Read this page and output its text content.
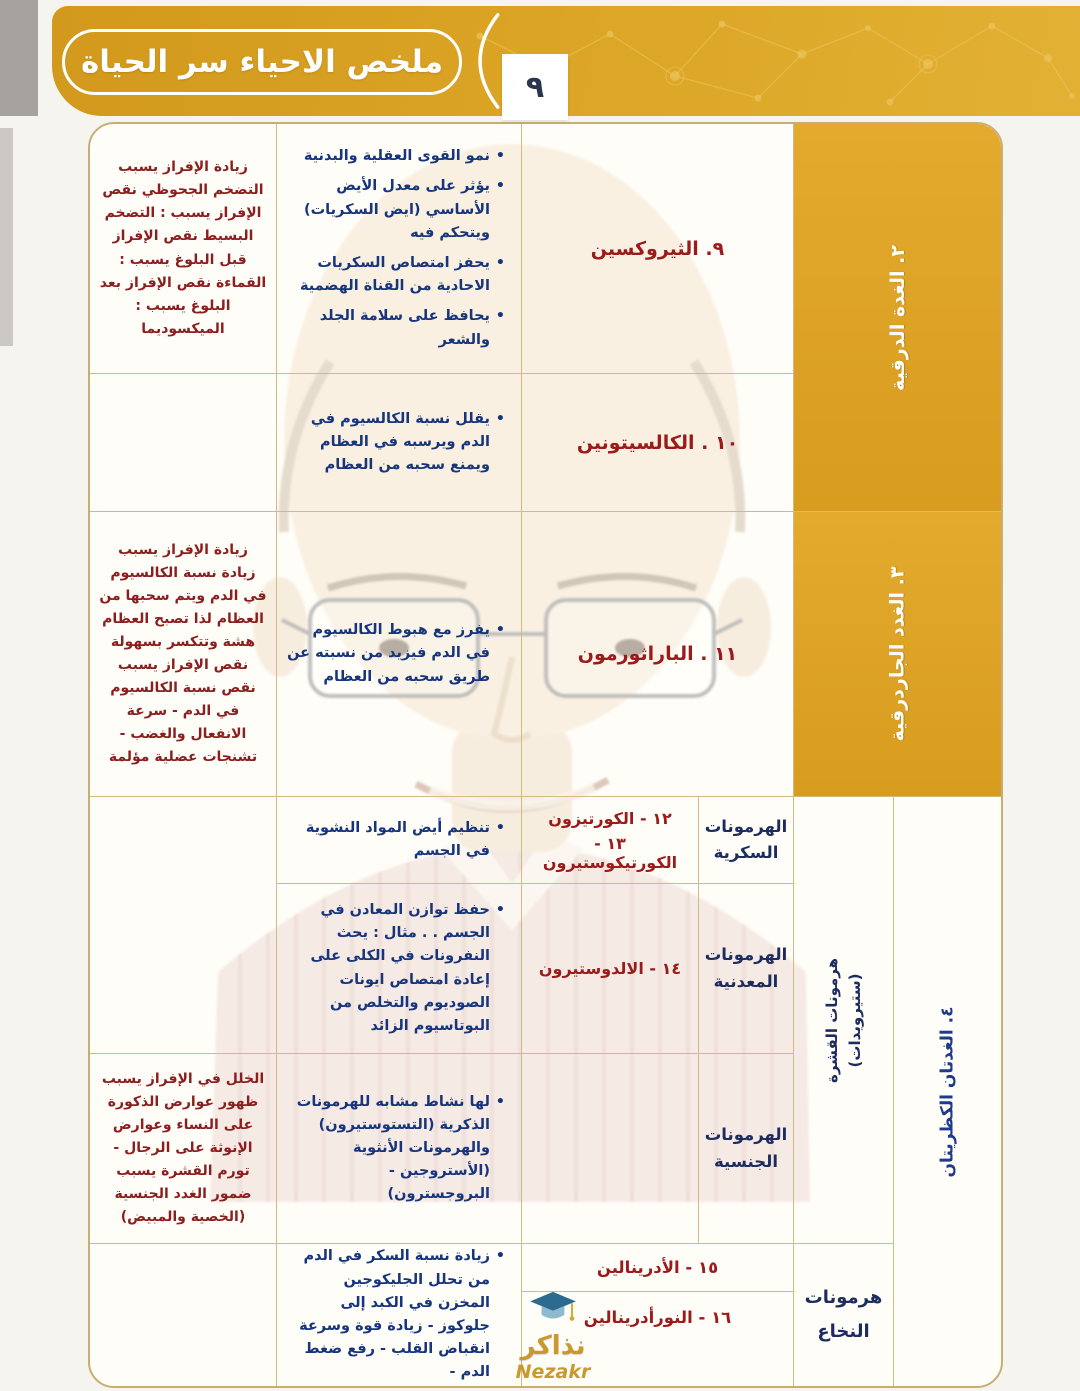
ملخص الاحياء سر الحياة
٩
٢. الغدة الدرقية
٣. الغدد الجاردرقية
٤. الغدتان الكظريتان
هرمونات القشرة (ستيرويدات)
هرمونات النخاع
الهرمونات السكرية
الهرمونات المعدنية
الهرمونات الجنسية
٩. الثيروكسين
١٠ . الكالسيتونين
١١ . الباراثورمون
١٢ - الكورتيزون
١٣ - الكورتيكوستيرون
١٤ - الالدوستيرون
١٥ - الأدرينالين
١٦ - النورأدرينالين
• نمو القوى العقلية والبدنية
• يؤثر على معدل الأيض الأساسي (ايض السكريات) ويتحكم فيه
• يحفز امتصاص السكريات الاحادية من القناة الهضمية
• يحافظ على سلامة الجلد والشعر
• يقلل نسبة الكالسيوم في الدم ويرسبه في العظام ويمنع سحبه من العظام
• يفرز مع هبوط الكالسيوم في الدم فيزيد من نسبته عن طريق سحبه من العظام
• تنظيم أيض المواد النشوية في الجسم
• حفظ توازن المعادن في الجسم . . مثال : يحث النفرونات في الكلى على إعادة امتصاص ايونات الصوديوم والتخلص من البوتاسيوم الزائد
• لها نشاط مشابه للهرمونات الذكرية (التستوستيرون) والهرمونات الأنثوية (الأستروجين - البروجسترون)
• زيادة نسبة السكر في الدم من تحلل الجليكوجين المخزن في الكبد إلى جلوكوز - زيادة قوة وسرعة انقباض القلب - رفع ضغط الدم -
زيادة الإفراز يسبب التضخم الجحوظي نقص الإفراز يسبب : التضخم البسيط نقص الإفراز قبل البلوغ يسبب : القماءة نقص الإفراز بعد البلوغ يسبب : الميكسوديما
زيادة الإفراز يسبب زيادة نسبة الكالسيوم في الدم ويتم سحبها من العظام لذا تصبح العظام هشة وتتكسر بسهولة نقص الإفراز يسبب نقص نسبة الكالسيوم في الدم - سرعة الانفعال والغضب - تشنجات عضلية مؤلمة
الخلل في الإفراز يسبب ظهور عوارض الذكورة على النساء وعوارض الإنوثة على الرجال - تورم القشرة يسبب ضمور الغدد الجنسية (الخصية والمبيض)
نذاكر
Nezakr
